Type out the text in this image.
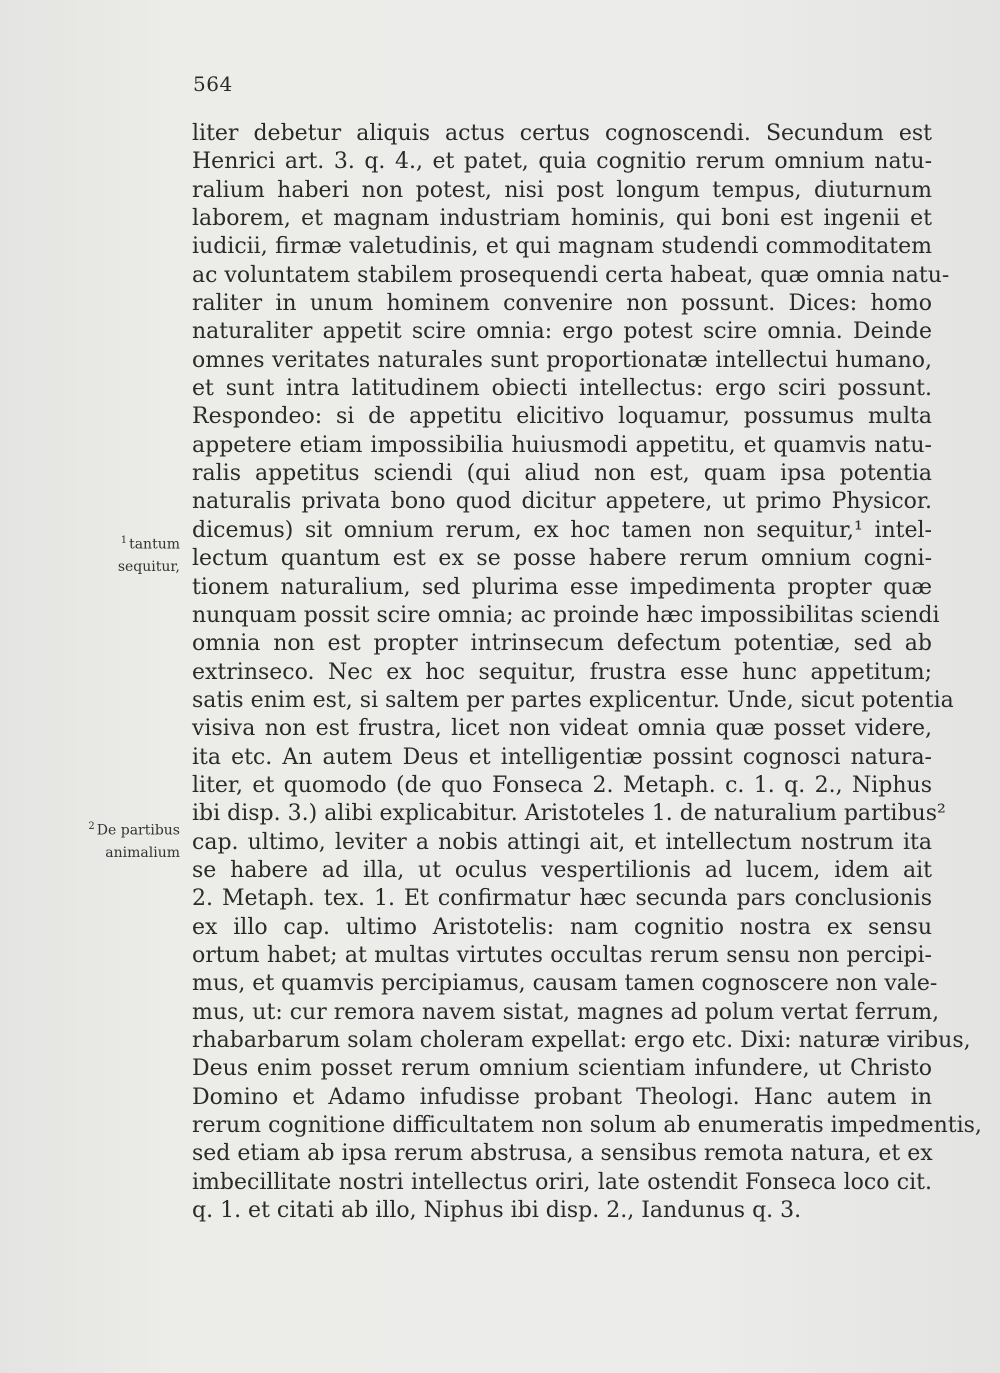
564
$^1$ tantum
sequitur,
$^2$ De partibus
animalium
liter debetur aliquis actus certus cognoscendi. Secundum est
Henrici art. 3. q. 4., et patet, quia cognitio rerum omnium natu-
ralium haberi non potest, nisi post longum tempus, diuturnum
laborem, et magnam industriam hominis, qui boni est ingenii et
iudicii, firmæ valetudinis, et qui magnam studendi commoditatem
ac voluntatem stabilem prosequendi certa habeat, quæ omnia natu-
raliter in unum hominem convenire non possunt. Dices: homo
naturaliter appetit scire omnia: ergo potest scire omnia. Deinde
omnes veritates naturales sunt proportionatæ intellectui humano,
et sunt intra latitudinem obiecti intellectus: ergo sciri possunt.
Respondeo: si de appetitu elicitivo loquamur, possumus multa
appetere etiam impossibilia huiusmodi appetitu, et quamvis natu-
ralis appetitus sciendi (qui aliud non est, quam ipsa potentia
naturalis privata bono quod dicitur appetere, ut primo Physicor.
dicemus) sit omnium rerum, ex hoc tamen non sequitur,¹ intel-
lectum quantum est ex se posse habere rerum omnium cogni-
tionem naturalium, sed plurima esse impedimenta propter quæ
nunquam possit scire omnia; ac proinde hæc impossibilitas sciendi
omnia non est propter intrinsecum defectum potentiæ, sed ab
extrinseco. Nec ex hoc sequitur, frustra esse hunc appetitum;
satis enim est, si saltem per partes explicentur. Unde, sicut potentia
visiva non est frustra, licet non videat omnia quæ posset videre,
ita etc. An autem Deus et intelligentiæ possint cognosci natura-
liter, et quomodo (de quo Fonseca 2. Metaph. c. 1. q. 2., Niphus
ibi disp. 3.) alibi explicabitur. Aristoteles 1. de naturalium partibus²
cap. ultimo, leviter a nobis attingi ait, et intellectum nostrum ita
se habere ad illa, ut oculus vespertilionis ad lucem, idem ait
2. Metaph. tex. 1. Et confirmatur hæc secunda pars conclusionis
ex illo cap. ultimo Aristotelis: nam cognitio nostra ex sensu
ortum habet; at multas virtutes occultas rerum sensu non percipi-
mus, et quamvis percipiamus, causam tamen cognoscere non vale-
mus, ut: cur remora navem sistat, magnes ad polum vertat ferrum,
rhabarbarum solam choleram expellat: ergo etc. Dixi: naturæ viribus,
Deus enim posset rerum omnium scientiam infundere, ut Christo
Domino et Adamo infudisse probant Theologi. Hanc autem in
rerum cognitione difficultatem non solum ab enumeratis impedmentis,
sed etiam ab ipsa rerum abstrusa, a sensibus remota natura, et ex
imbecillitate nostri intellectus oriri, late ostendit Fonseca loco cit.
q. 1. et citati ab illo, Niphus ibi disp. 2., Iandunus q. 3.
